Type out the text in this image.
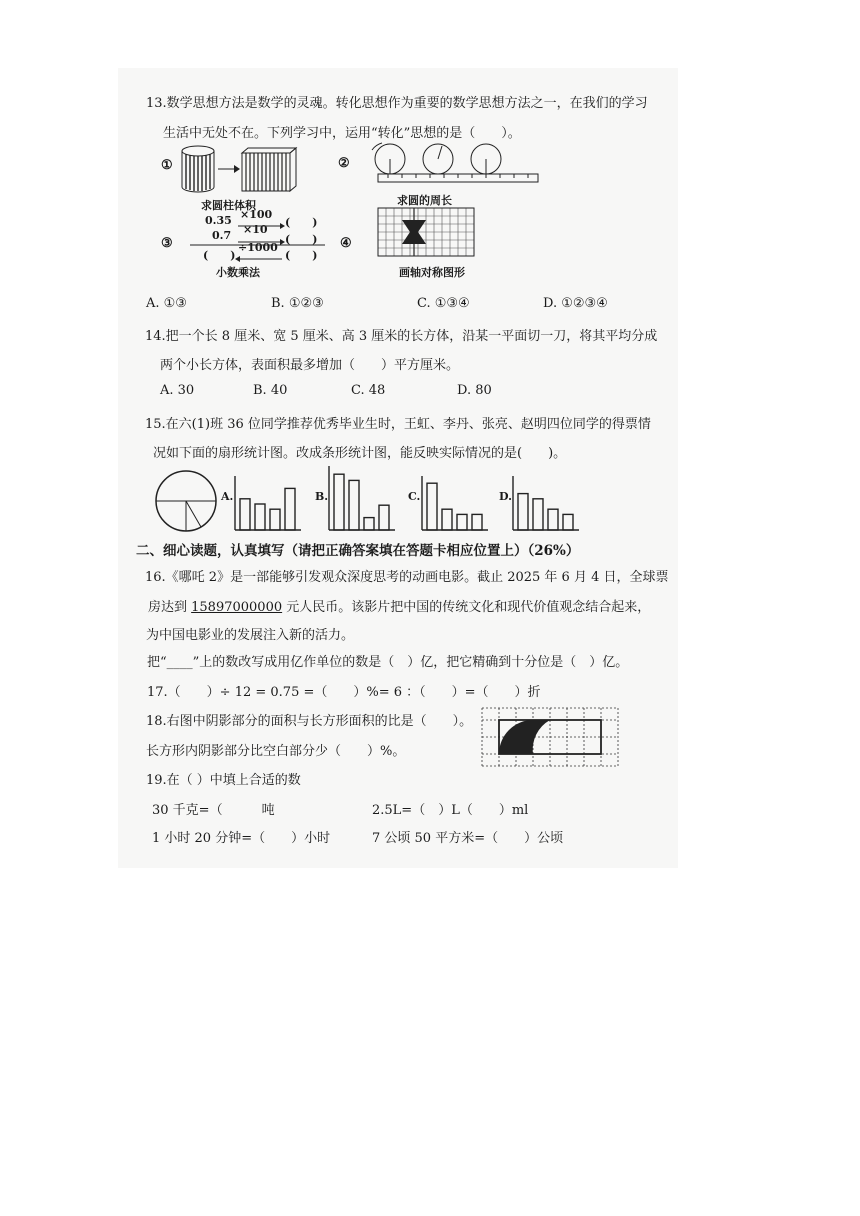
13.数学思想方法是数学的灵魂。转化思想作为重要的数学思想方法之一，在我们的学习
生活中无处不在。下列学习中，运用“转化”思想的是（　　）。
①
求圆柱体积
②
求圆的周长
③
0.35 ×100
(　　)
0.7 ×10
(　　)
(　　)
÷1000
(　　)
小数乘法
④
画轴对称图形
A. ①③	B. ①②③	C. ①③④	D. ①②③④
14.把一个长 8 厘米、宽 5 厘米、高 3 厘米的长方体，沿某一平面切一刀，将其平均分成
两个小长方体，表面积最多增加（　　）平方厘米。
A. 30	B. 40	C. 48	D. 80
15.在六(1)班 36 位同学推荐优秀毕业生时，王虹、李丹、张亮、赵明四位同学的得票情
况如下面的扇形统计图。改成条形统计图，能反映实际情况的是(　　)。
A.	B.	C.	D.
二、细心读题，认真填写（请把正确答案填在答题卡相应位置上）（26%）
16.《哪吒 2》是一部能够引发观众深度思考的动画电影。截止 2025 年 6 月 4 日，全球票
房达到 15897000000 元人民币。该影片把中国的传统文化和现代价值观念结合起来，
为中国电影业的发展注入新的活力。
把“____”上的数改写成用亿作单位的数是（　）亿，把它精确到十分位是（　）亿。
17.（　　）÷ 12 = 0.75 =（　　）%= 6 ：（　　）=（　　）折
18.右图中阴影部分的面积与长方形面积的比是（　　）。
长方形内阴影部分比空白部分少（　　）%。
19.在（ ）中填上合适的数
30 千克=（　　　吨	2.5L=（　）L（　　）ml
1 小时 20 分钟=（　　）小时	7 公顷 50 平方米=（　　）公顷
